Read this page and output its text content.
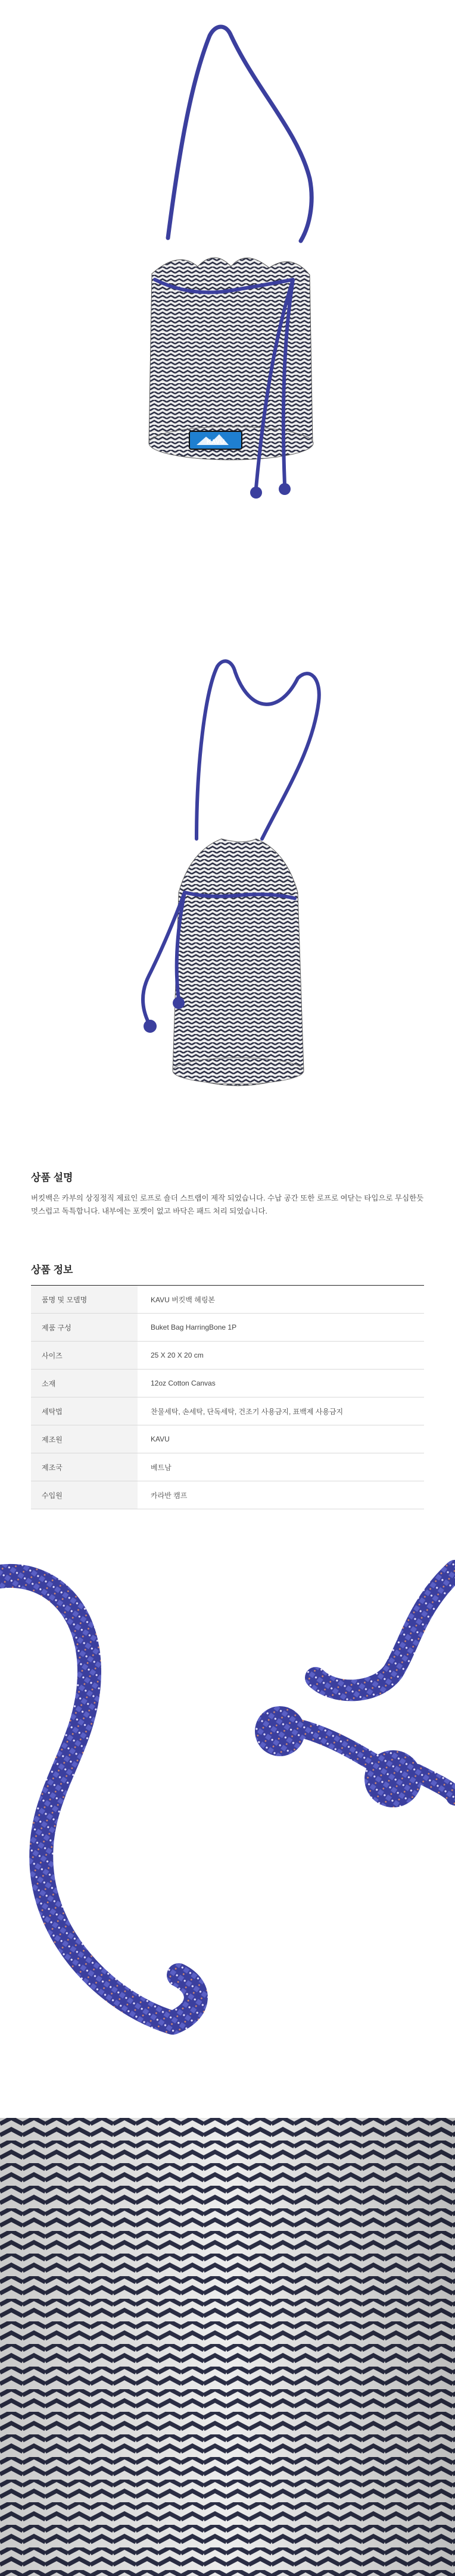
KAVU
상품 설명

버킷백은 카부의 상징정직 제료인 로프로 숄더 스트랩이 제작 되었습니다. 수납 공간 또한 로프로 여닫는 타입으로 무심한듯 멋스럽고 독특합니다. 내부에는 포켓이 없고 바닥은 패드 처리 되었습니다.

상품 정보
품명 및 모델명	KAVU 버킷백 헤링본
제품 구성	Buket Bag HarringBone 1P
사이즈	25 X 20 X 20 cm
소재	12oz Cotton Canvas
세탁법	찬물세탁, 손세탁, 단독세탁, 건조기 사용금지, 표백제 사용금지
제조원	KAVU
제조국	베트남
수입원	카라반 캠프
